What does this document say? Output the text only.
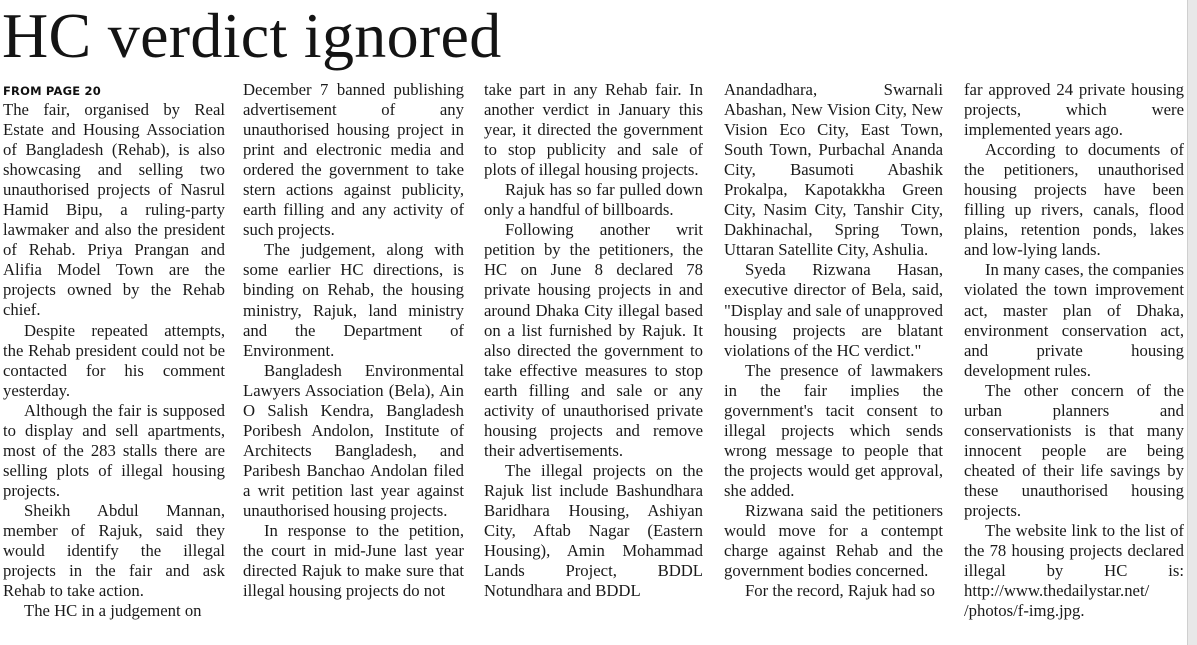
HC verdict ignored
FROM PAGE 20

The fair, organised by Real Estate and Housing Association of Bangladesh (Rehab), is also showcasing and selling two unauthorised projects of Nasrul Hamid Bipu, a ruling-party lawmaker and also the president of Rehab. Priya Prangan and Alifia Model Town are the projects owned by the Rehab chief.

Despite repeated attempts, the Rehab president could not be contacted for his comment yesterday.

Although the fair is supposed to display and sell apartments, most of the 283 stalls there are selling plots of illegal housing projects.

Sheikh Abdul Mannan, member of Rajuk, said they would identify the illegal projects in the fair and ask Rehab to take action.

The HC in a judgement on

December 7 banned publishing advertisement of any unauthorised housing project in print and electronic media and ordered the government to take stern actions against publicity, earth filling and any activity of such projects.

The judgement, along with some earlier HC directions, is binding on Rehab, the housing ministry, Rajuk, land ministry and the Department of Environment.

Bangladesh Environmental Lawyers Association (Bela), Ain O Salish Kendra, Bangladesh Poribesh Andolon, Institute of Architects Bangladesh, and Paribesh Banchao Andolan filed a writ petition last year against unauthorised housing projects.

In response to the petition, the court in mid-June last year directed Rajuk to make sure that illegal housing projects do not

take part in any Rehab fair. In another verdict in January this year, it directed the government to stop publicity and sale of plots of illegal housing projects.

Rajuk has so far pulled down only a handful of billboards.

Following another writ petition by the petitioners, the HC on June 8 declared 78 private housing projects in and around Dhaka City illegal based on a list furnished by Rajuk. It also directed the government to take effective measures to stop earth filling and sale or any activity of unauthorised private housing projects and remove their advertisements.

The illegal projects on the Rajuk list include Bashundhara Baridhara Housing, Ashiyan City, Aftab Nagar (Eastern Housing), Amin Mohammad Lands Project, BDDL Notundhara and BDDL

Anandadhara, Swarnali Abashan, New Vision City, New Vision Eco City, East Town, South Town, Purbachal Ananda City, Basumoti Abashik Prokalpa, Kapotakkha Green City, Nasim City, Tanshir City, Dakhinachal, Spring Town, Uttaran Satellite City, Ashulia.

Syeda Rizwana Hasan, executive director of Bela, said, "Display and sale of unapproved housing projects are blatant violations of the HC verdict."

The presence of lawmakers in the fair implies the government's tacit consent to illegal projects which sends wrong message to people that the projects would get approval, she added.

Rizwana said the petitioners would move for a contempt charge against Rehab and the government bodies concerned.

For the record, Rajuk had so

far approved 24 private housing projects, which were implemented years ago.

According to documents of the petitioners, unauthorised housing projects have been filling up rivers, canals, flood plains, retention ponds, lakes and low-lying lands.

In many cases, the companies violated the town improvement act, master plan of Dhaka, environment conservation act, and private housing development rules.

The other concern of the urban planners and conservationists is that many innocent people are being cheated of their life savings by these unauthorised housing projects.

The website link to the list of the 78 housing projects declared illegal by HC is: http://www.thedailystar.net/ /photos/f-img.jpg.
